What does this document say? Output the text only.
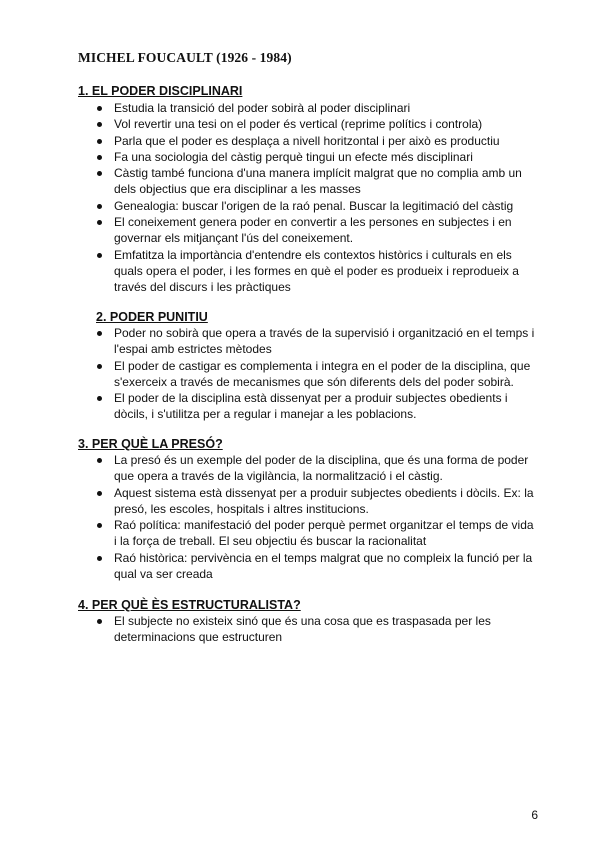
MICHEL FOUCAULT (1926 - 1984)
1. EL PODER DISCIPLINARI
Estudia la transició del poder sobirà al poder disciplinari
Vol revertir una tesi on el poder és vertical (reprime polítics i controla)
Parla que el poder es desplaça a nivell horitzontal i per això es productiu
Fa una sociologia del càstig perquè tingui un efecte més disciplinari
Càstig també funciona d'una manera implícit malgrat que no complia amb un dels objectius que era disciplinar a les masses
Genealogia: buscar l'origen de la raó penal. Buscar la legitimació del càstig
El coneixement genera poder en convertir a les persones en subjectes i en governar els mitjançant l'ús del coneixement.
Emfatitza la importància d'entendre els contextos històrics i culturals en els quals opera el poder, i les formes en què el poder es produeix i reprodueix a través del discurs i les pràctiques
2. PODER PUNITIU
Poder no sobirà que opera a través de la supervisió i organització en el temps i l'espai amb estrictes mètodes
El poder de castigar es complementa i integra en el poder de la disciplina, que s'exerceix a través de mecanismes que són diferents dels del poder sobirà.
El poder de la disciplina està dissenyat per a produir subjectes obedients i dòcils, i s'utilitza per a regular i manejar a les poblacions.
3. PER QUÈ LA PRESÓ?
La presó és un exemple del poder de la disciplina, que és una forma de poder que opera a través de la vigilància, la normalització i el càstig.
Aquest sistema està dissenyat per a produir subjectes obedients i dòcils. Ex: la presó, les escoles, hospitals i altres institucions.
Raó política: manifestació del poder perquè permet organitzar el temps de vida i la força de treball. El seu objectiu és buscar la racionalitat
Raó històrica: pervivència en el temps malgrat que no compleix la funció per la qual va ser creada
4. PER QUÈ ÈS ESTRUCTURALISTA?
El subjecte no existeix sinó que és una cosa que es traspasada per les determinacions que estructuren
6
